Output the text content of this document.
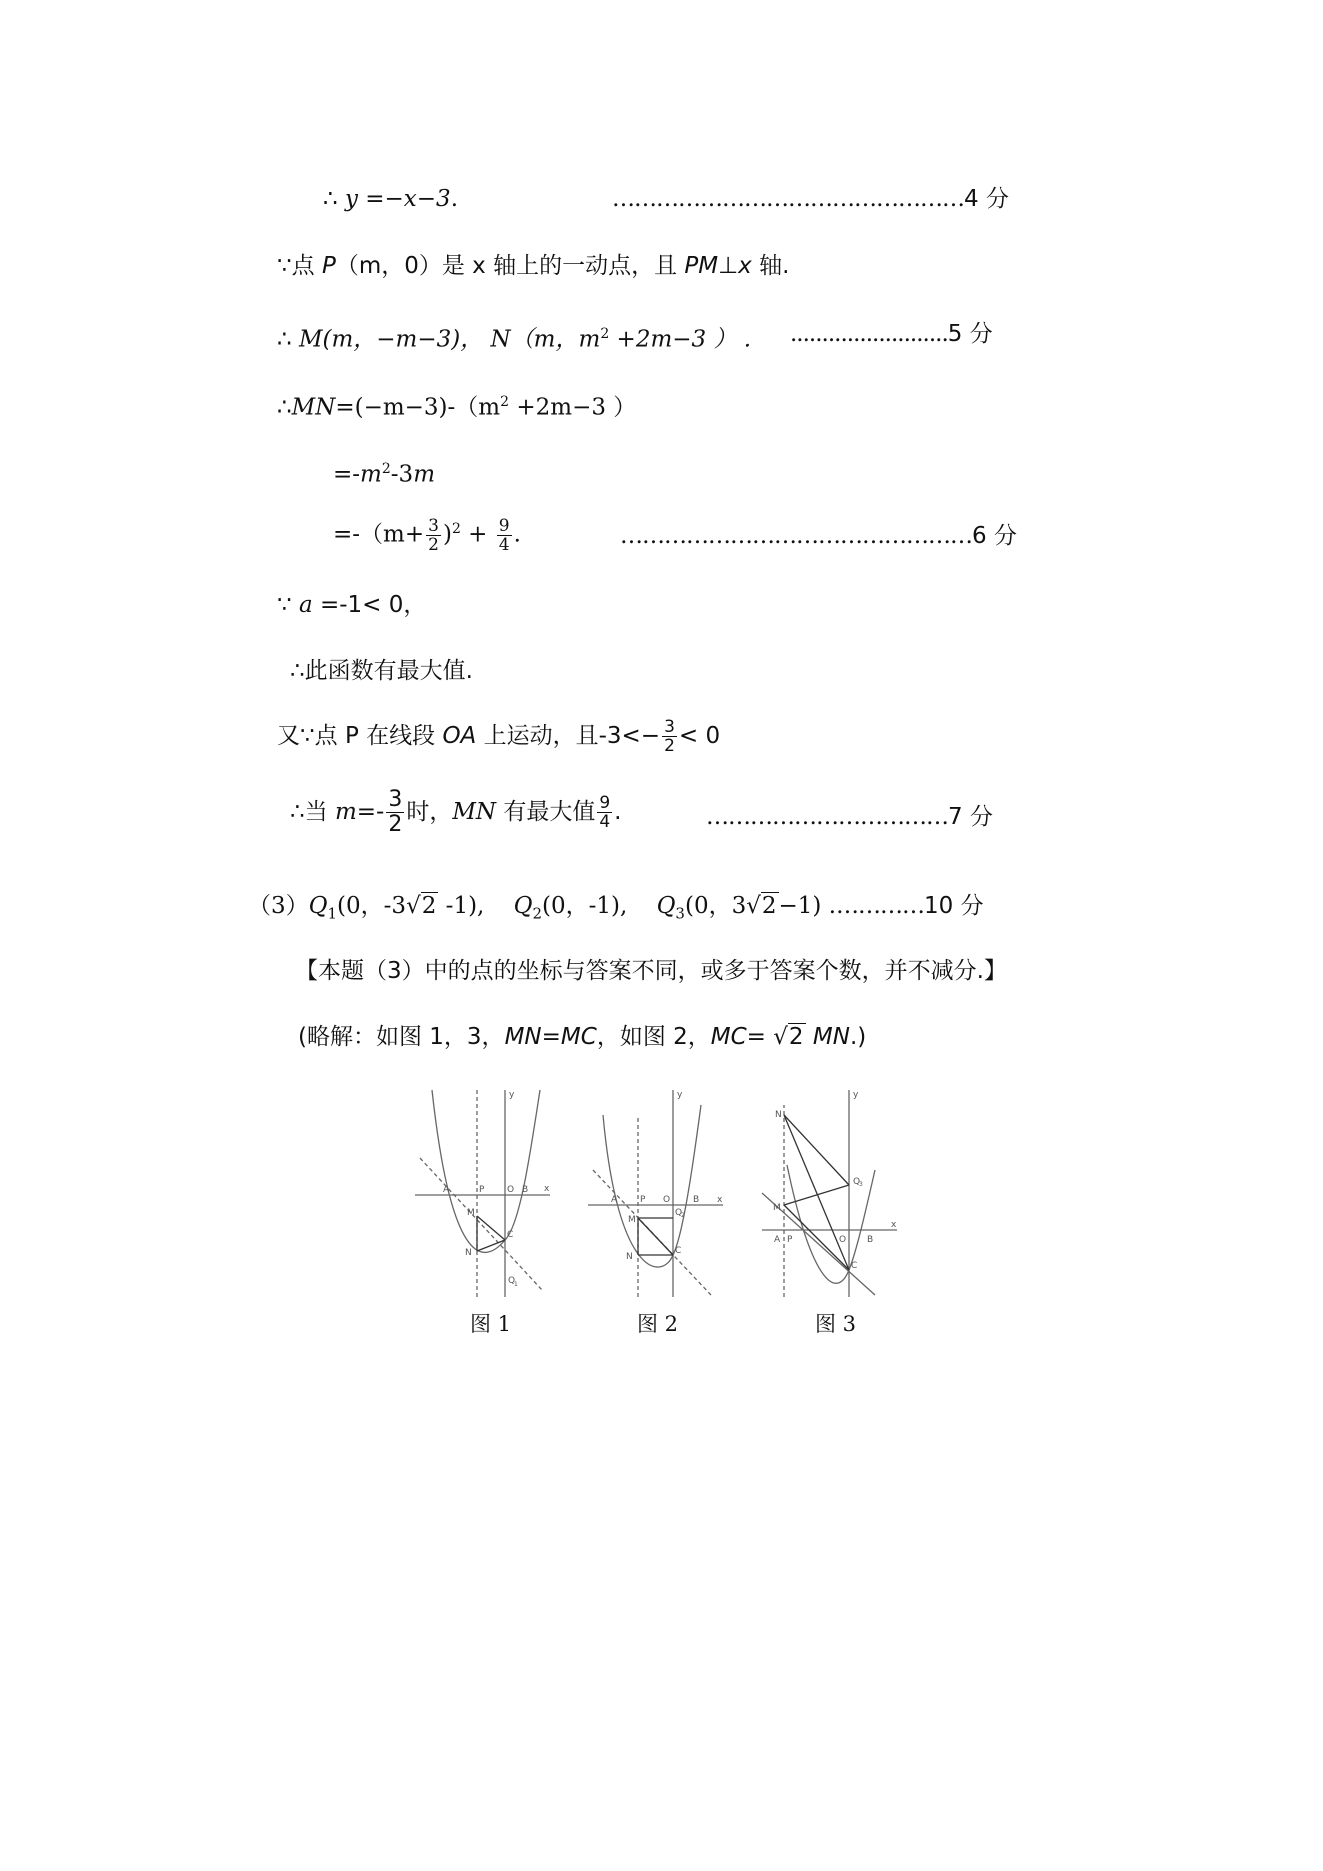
∴ y =−x−3.	…………………………………………4 分
∵点 P（m，0）是 x 轴上的一动点，且 PM⊥x 轴.
∴ M(m，−m−3)， N（m，$m^2 +2m-3$ ） . .........................5 分
$\therefore MN=(-m-3)-(m^2 +2m-3$ ）
$=-m^2-3m$
$=-(m+ \frac{3}{2} )^2 + \frac{9}{4}$ .	…………………………………………6 分
∵ a =-1< 0，
∴此函数有最大值.
又∵点 P 在线段 OA 上运动，且$-3<- \frac{3}{2} < 0$
∴当 $m=- \frac{3}{2}$ 时，MN 有最大值 $\frac{9}{4}$ .	……………………………7 分
$(3)Q_1(0$，-3√2 -1), $Q_2(0$，-1), $Q_3(0$，3√2−1) .…………10 分
【本题（3）中的点的坐标与答案不同，或多于答案个数，并不减分.】
(略解：如图 1，3，MN=MC，如图 2，MC= √2 MN.)
y
x
A	P	O B
M
N
C
Q
1
y
x
A	P O
Q
2
B
M
N
C
y
x
N
M
A P	O B
C
Q
3
图 1	图 2	图 3
